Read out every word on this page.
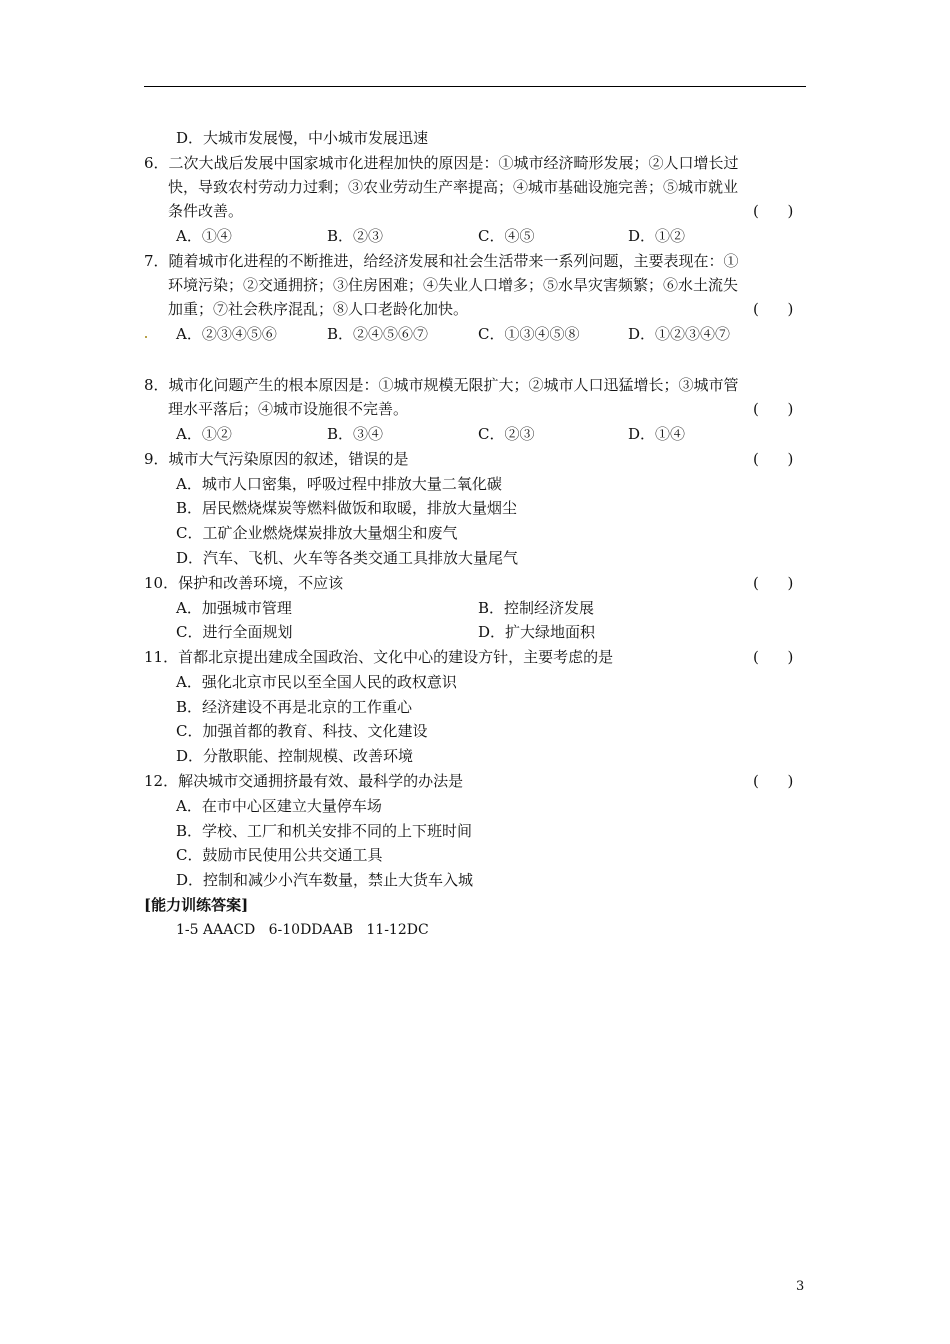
D．大城市发展慢，中小城市发展迅速
6．二次大战后发展中国家城市化进程加快的原因是：①城市经济畸形发展；②人口增长过
快，导致农村劳动力过剩；③农业劳动生产率提高；④城市基础设施完善；⑤城市就业
条件改善。	(      )
A．①④	B．②③	C．④⑤	D．①②
7．随着城市化进程的不断推进，给经济发展和社会生活带来一系列问题，主要表现在：①
环境污染；②交通拥挤；③住房困难；④失业人口增多；⑤水旱灾害频繁；⑥水土流失
加重；⑦社会秩序混乱；⑧人口老龄化加快。	(      )
A．②③④⑤⑥	B．②④⑤⑥⑦	C．①③④⑤⑧	D．①②③④⑦
8．城市化问题产生的根本原因是：①城市规模无限扩大；②城市人口迅猛增长；③城市管
理水平落后；④城市设施很不完善。	(      )
A．①②	B．③④	C．②③	D．①④
9．城市大气污染原因的叙述，错误的是	(      )
A．城市人口密集，呼吸过程中排放大量二氧化碳
B．居民燃烧煤炭等燃料做饭和取暖，排放大量烟尘
C．工矿企业燃烧煤炭排放大量烟尘和废气
D．汽车、飞机、火车等各类交通工具排放大量尾气
10．保护和改善环境，不应该	(      )
A．加强城市管理	B．控制经济发展
C．进行全面规划	D．扩大绿地面积
11．首都北京提出建成全国政治、文化中心的建设方针，主要考虑的是	(      )
A．强化北京市民以至全国人民的政权意识
B．经济建设不再是北京的工作重心
C．加强首都的教育、科技、文化建设
D．分散职能、控制规模、改善环境
12．解决城市交通拥挤最有效、最科学的办法是	(      )
A．在市中心区建立大量停车场
B．学校、工厂和机关安排不同的上下班时间
C．鼓励市民使用公共交通工具
D．控制和减少小汽车数量，禁止大货车入城
[能力训练答案]
1-5 AAACD   6-10DDAAB   11-12DC
3
